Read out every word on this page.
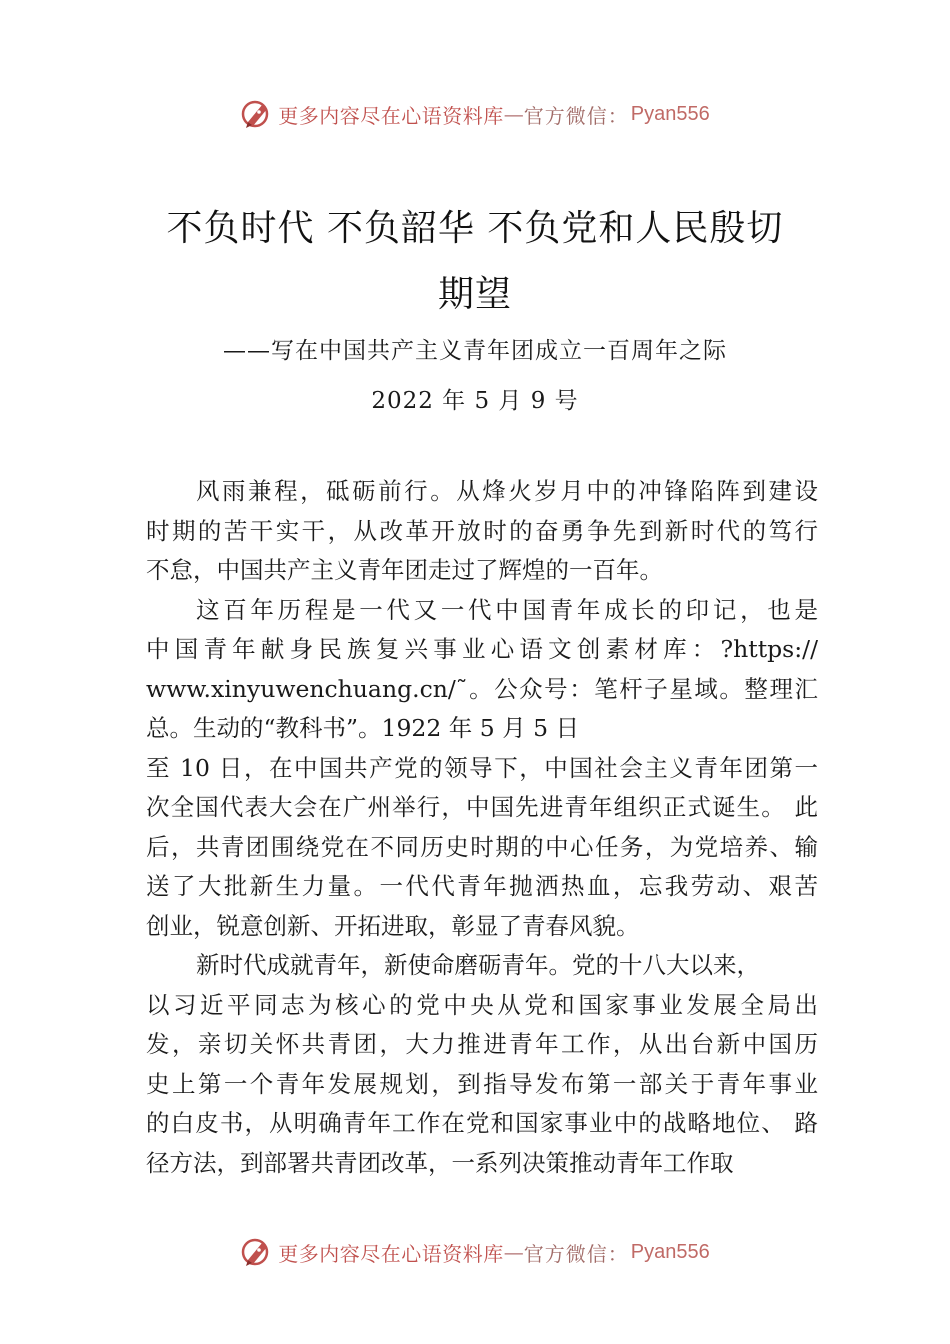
更多内容尽在心语资料库 — 官方微信： Pyan556
不负时代 不负韶华 不负党和人民殷切
期望
——写在中国共产主义青年团成立一百周年之际
2022 年 5 月 9 号
风雨兼程，砥砺前行。从烽火岁月中的冲锋陷阵到建设
时期的苦干实干，从改革开放时的奋勇争先到新时代的笃行
不怠，中国共产主义青年团走过了辉煌的一百年。
这百年历程是一代又一代中国青年成长的印记，也是
中国青年献身民族复兴事业心语文创素材库：?https://
www.xinyuwenchuang.cn/˜。公众号：笔杆子星域。整理汇
总。生动的“教科书”。1922 年 5 月 5 日
至 10 日，在中国共产党的领导下，中国社会主义青年团第一
次全国代表大会在广州举行，中国先进青年组织正式诞生。 此
后，共青团围绕党在不同历史时期的中心任务，为党培养、输
送了大批新生力量。一代代青年抛洒热血，忘我劳动、艰苦
创业，锐意创新、开拓进取，彰显了青春风貌。
新时代成就青年，新使命磨砺青年。党的十八大以来，
以习近平同志为核心的党中央从党和国家事业发展全局出
发，亲切关怀共青团，大力推进青年工作，从出台新中国历
史上第一个青年发展规划，到指导发布第一部关于青年事业
的白皮书，从明确青年工作在党和国家事业中的战略地位、 路
径方法，到部署共青团改革，一系列决策推动青年工作取
更多内容尽在心语资料库 — 官方微信： Pyan556
